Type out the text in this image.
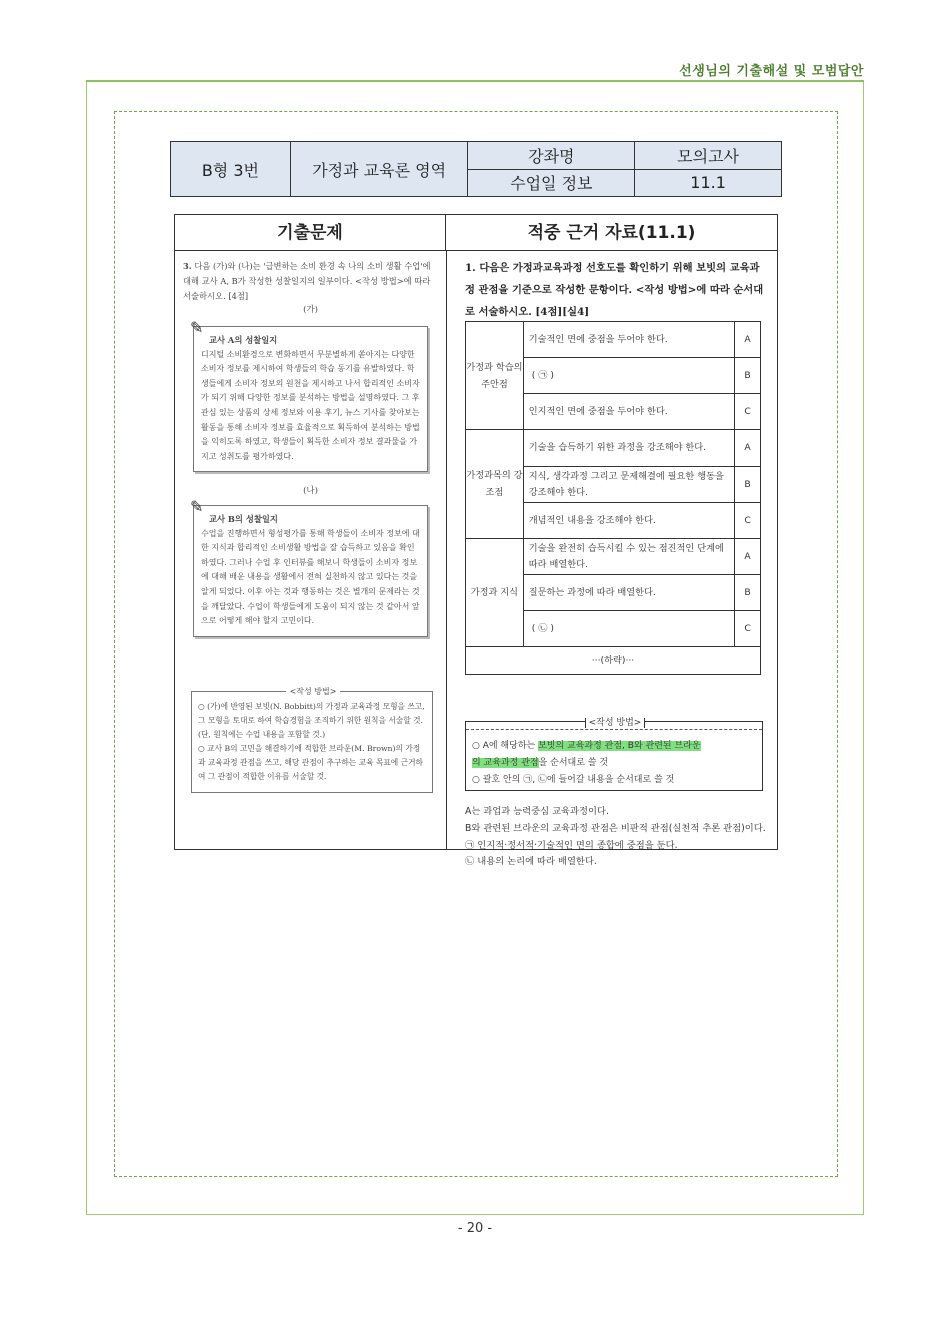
선생님의 기출해설 및 모범답안
B형 3번	가정과 교육론 영역	강좌명	모의고사
		수업일 정보	11.1
기출문제	적중 근거 자료(11.1)
3. 다음 (가)와 (나)는 '급변하는 소비 환경 속 나의 소비 생활 수업'에 대해 교사 A, B가 작성한 성찰일지의 일부이다. <작성 방법>에 따라 서술하시오. [4점]
(가)
✎
교사 A의 성찰일지
디지털 소비환경으로 변화하면서 무분별하게 쏟아지는 다양한 소비자 정보를 제시하여 학생들의 학습 동기를 유발하였다. 학생들에게 소비자 정보의 원천을 제시하고 나서 합리적인 소비자가 되기 위해 다양한 정보를 분석하는 방법을 설명하였다. 그 후 관심 있는 상품의 상세 정보와 이용 후기, 뉴스 기사를 찾아보는 활동을 통해 소비자 정보를 효율적으로 획득하여 분석하는 방법을 익히도록 하였고, 학생들이 획득한 소비자 정보 결과물을 가지고 성취도를 평가하였다.
(나)
✎
교사 B의 성찰일지
수업을 진행하면서 형성평가를 통해 학생들이 소비자 정보에 대한 지식과 합리적인 소비생활 방법을 잘 습득하고 있음을 확인하였다. 그러나 수업 후 인터뷰를 해보니 학생들이 소비자 정보에 대해 배운 내용을 생활에서 전혀 실천하지 않고 있다는 것을 알게 되었다. 이후 아는 것과 행동하는 것은 별개의 문제라는 것을 깨달았다. 수업이 학생들에게 도움이 되지 않는 것 같아서 앞으로 어떻게 해야 할지 고민이다.
<작성 방법>
○ (가)에 반영된 보빗(N. Bobbitt)의 가정과 교육과정 모형을 쓰고, 그 모형을 토대로 하여 학습경험을 조직하기 위한 원칙을 서술할 것. (단, 원칙에는 수업 내용을 포함할 것.)
○ 교사 B의 고민을 해결하기에 적합한 브라운(M. Brown)의 가정과 교육과정 관점을 쓰고, 해당 관점이 추구하는 교육 목표에 근거하여 그 관점이 적합한 이유를 서술할 것.
1. 다음은 가정과교육과정 선호도를 확인하기 위해 보빗의 교육과정 관점을 기준으로 작성한 문항이다. <작성 방법>에 따라 순서대로 서술하시오. [4점][실4]
가정과 학습의 주안점	기술적인 면에 중점을 두어야 한다.	A
	( ㉠ )	B
	인지적인 면에 중점을 두어야 한다.	C
가정과목의 강조점	기술을 습득하기 위한 과정을 강조해야 한다.	A
	지식, 생각과정 그리고 문제해결에 필요한 행동을 강조해야 한다.	B
	개념적인 내용을 강조해야 한다.	C
가정과 지식	기술을 완전히 습득시킬 수 있는 점진적인 단계에 따라 배열한다.	A
	질문하는 과정에 따라 배열한다.	B
	( ㉡ )	C
···(하략)···		
<작성 방법>
○ A에 해당하는 보빗의 교육과정 관점, B와 관련된 브라운
의 교육과정 관점을 순서대로 쓸 것
○ 괄호 안의 ㉠, ㉡에 들어갈 내용을 순서대로 쓸 것
A는 과업과 능력중심 교육과정이다.
B와 관련된 브라운의 교육과정 관점은 비판적 관점(실천적 추론 관점)이다.
㉠ 인지적·정서적·기술적인 면의 종합에 중점을 둔다.
㉡ 내용의 논리에 따라 배열한다.
- 20 -
